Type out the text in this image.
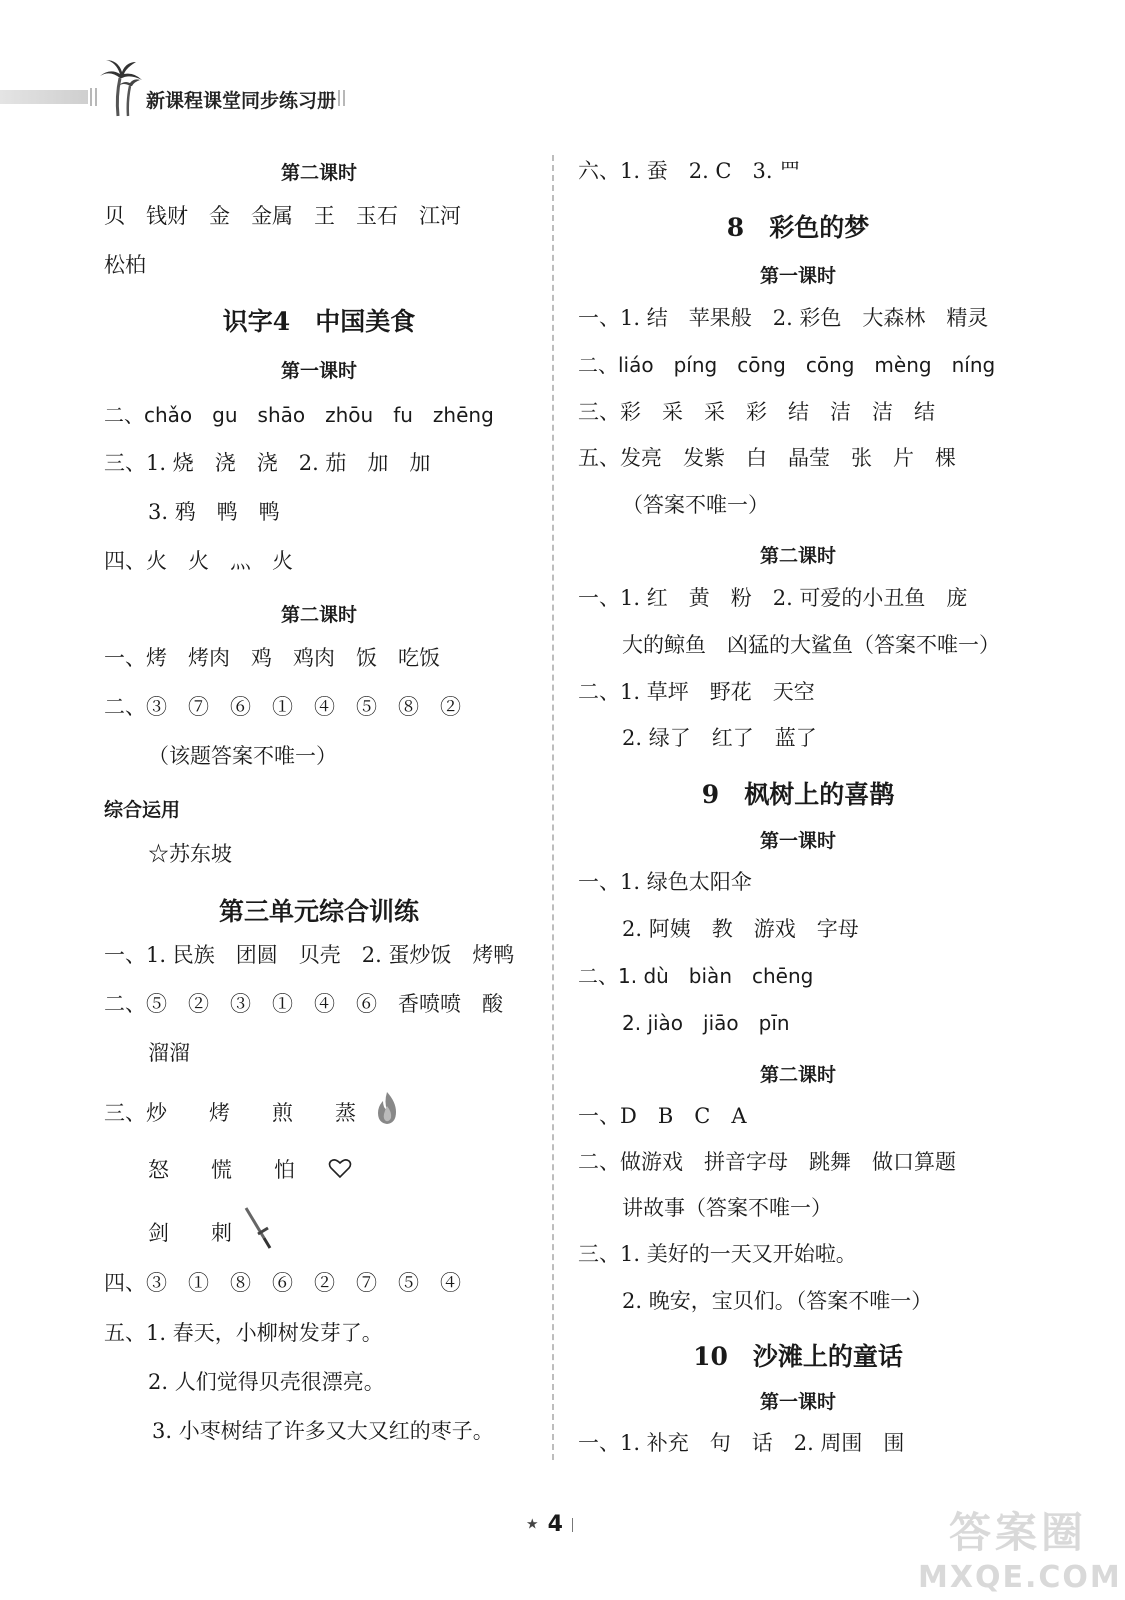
新课程课堂同步练习册
第二课时
贝　钱财　金　金属　王　玉石　江河
松柏
识字4　中国美食
第一课时
二、chǎo　gu　shāo　zhōu　fu　zhēng
三、1. 烧　浇　浇　2. 茄　加　加
3. 鸦　鸭　鸭
四、火　火　灬　火
第二课时
一、烤　烤肉　鸡　鸡肉　饭　吃饭
二、③　⑦　⑥　①　④　⑤　⑧　②
（该题答案不唯一）
综合运用
☆苏东坡
第三单元综合训练
一、1. 民族　团圆　贝壳　2. 蛋炒饭　烤鸭
二、⑤　②　③　①　④　⑥　香喷喷　酸
溜溜
三、炒　　烤　　煎　　蒸
怒　　慌　　怕
剑　　刺
四、③　①　⑧　⑥　②　⑦　⑤　④
五、1. 春天，小柳树发芽了。
2. 人们觉得贝壳很漂亮。
3. 小枣树结了许多又大又红的枣子。
六、1. 蚕　2. C　3. 罒
8　彩色的梦
第一课时
一、1. 结　苹果般　2. 彩色　大森林　精灵
二、liáo　píng　cōng　cōng　mèng　níng
三、彩　采　采　彩　结　洁　洁　结
五、发亮　发紫　白　晶莹　张　片　棵
（答案不唯一）
第二课时
一、1. 红　黄　粉　2. 可爱的小丑鱼　庞
大的鲸鱼　凶猛的大鲨鱼（答案不唯一）
二、1. 草坪　野花　天空
2. 绿了　红了　蓝了
9　枫树上的喜鹊
第一课时
一、1. 绿色太阳伞
2. 阿姨　教　游戏　字母
二、1. dù　biàn　chēng
2. jiào　jiāo　pīn
第二课时
一、D　B　C　A
二、做游戏　拼音字母　跳舞　做口算题
讲故事（答案不唯一）
三、1. 美好的一天又开始啦。
2. 晚安，宝贝们。（答案不唯一）
10　沙滩上的童话
第一课时
一、1. 补充　句　话　2. 周围　围
★ 4	答案圈
MXQE.COM
